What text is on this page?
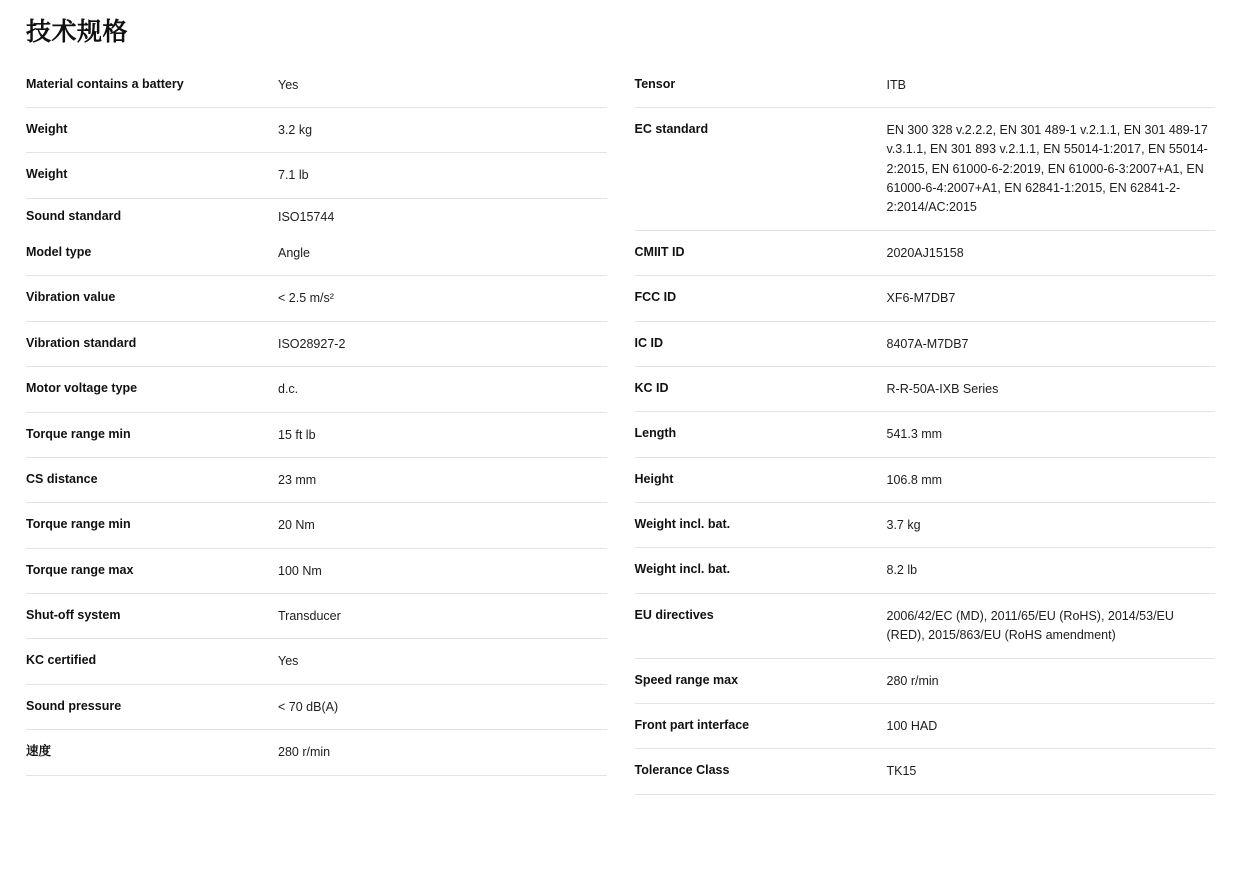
技术规格
Material contains a battery	Yes
Weight	3.2 kg
Weight	7.1 lb
Sound standard	ISO15744
Model type	Angle
Vibration value	< 2.5 m/s²
Vibration standard	ISO28927-2
Motor voltage type	d.c.
Torque range min	15 ft lb
CS distance	23 mm
Torque range min	20 Nm
Torque range max	100 Nm
Shut-off system	Transducer
KC certified	Yes
Sound pressure	< 70 dB(A)
速度	280 r/min
Tensor	ITB
EC standard	EN 300 328 v.2.2.2, EN 301 489-1 v.2.1.1, EN 301 489-17 v.3.1.1, EN 301 893 v.2.1.1, EN 55014-1:2017, EN 55014-2:2015, EN 61000-6-2:2019, EN 61000-6-3:2007+A1, EN 61000-6-4:2007+A1, EN 62841-1:2015, EN 62841-2-2:2014/AC:2015
CMIIT ID	2020AJ15158
FCC ID	XF6-M7DB7
IC ID	8407A-M7DB7
KC ID	R-R-50A-IXB Series
Length	541.3 mm
Height	106.8 mm
Weight incl. bat.	3.7 kg
Weight incl. bat.	8.2 lb
EU directives	2006/42/EC (MD), 2011/65/EU (RoHS), 2014/53/EU (RED), 2015/863/EU (RoHS amendment)
Speed range max	280 r/min
Front part interface	100 HAD
Tolerance Class	TK15
